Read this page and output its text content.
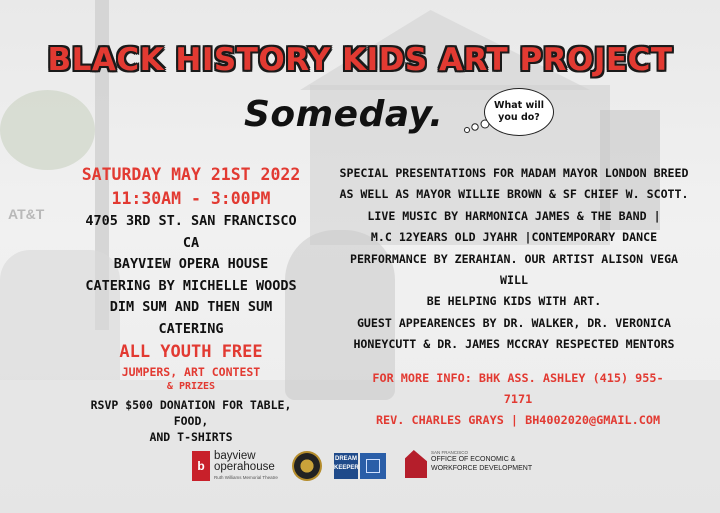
AT&T
BLACK HISTORY KIDS ART PROJECT
Someday.	What will you do?
SATURDAY MAY 21ST 2022
11:30AM - 3:00PM
4705 3RD ST. SAN FRANCISCO CA
BAYVIEW OPERA HOUSE
CATERING BY MICHELLE WOODS
DIM SUM AND THEN SUM CATERING
ALL YOUTH FREE
JUMPERS, ART CONTEST
& PRIZES
RSVP $500 DONATION FOR TABLE, FOOD,
AND T-SHIRTS
SPECIAL PRESENTATIONS FOR MADAM MAYOR LONDON BREED
AS WELL AS MAYOR WILLIE BROWN & SF CHIEF W. SCOTT.
LIVE MUSIC BY HARMONICA JAMES & THE BAND |
M.C 12YEARS OLD JYAHR |CONTEMPORARY DANCE
PERFORMANCE BY ZERAHIAN. OUR ARTIST ALISON VEGA WILL
BE HELPING KIDS WITH ART.
GUEST APPEARENCES BY DR. WALKER, DR. VERONICA
HONEYCUTT & DR. JAMES MCCRAY RESPECTED MENTORS
FOR MORE INFO: BHK ASS. ASHLEY (415) 955-7171
REV. CHARLES GRAYS | BH4002020@GMAIL.COM
b
bayview operahouse
Ruth Williams Memorial Theatre
DREAM KEEPER
SAN FRANCISCO
OFFICE OF ECONOMIC & WORKFORCE DEVELOPMENT
